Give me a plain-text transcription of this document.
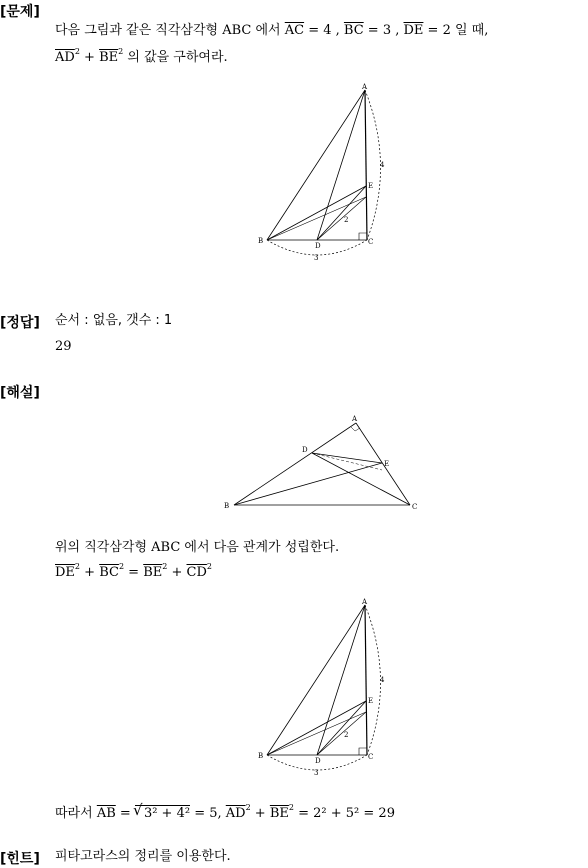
[문제]
다음 그림과 같은 직각삼각형 ABC 에서 $\overline{AC} = 4$ , $\overline{BC} = 3$ , $\overline{DE} = 2$ 일 때,
$\overline{AD}^2 + \overline{BE}^2$ 의 값을 구하여라.
A
B	C
D
E
4
3
2
[정답] 순서 : 없음, 갯수 : 1
29
[해설]
A
B	C
D
E
위의 직각삼각형 ABC 에서 다음 관계가 성립한다.
$\overline{DE}^2 + \overline{BC}^2 = \overline{BE}^2 + \overline{CD}^2$
A
B	C
D
E
4
3
2
따라서 $\overline{AB}$ = √ 3² + 4² = 5, $\overline{AD}^2 + \overline{BE}^2 = 2^2 + 5^2 = 29$
[힌트] 피타고라스의 정리를 이용한다.
